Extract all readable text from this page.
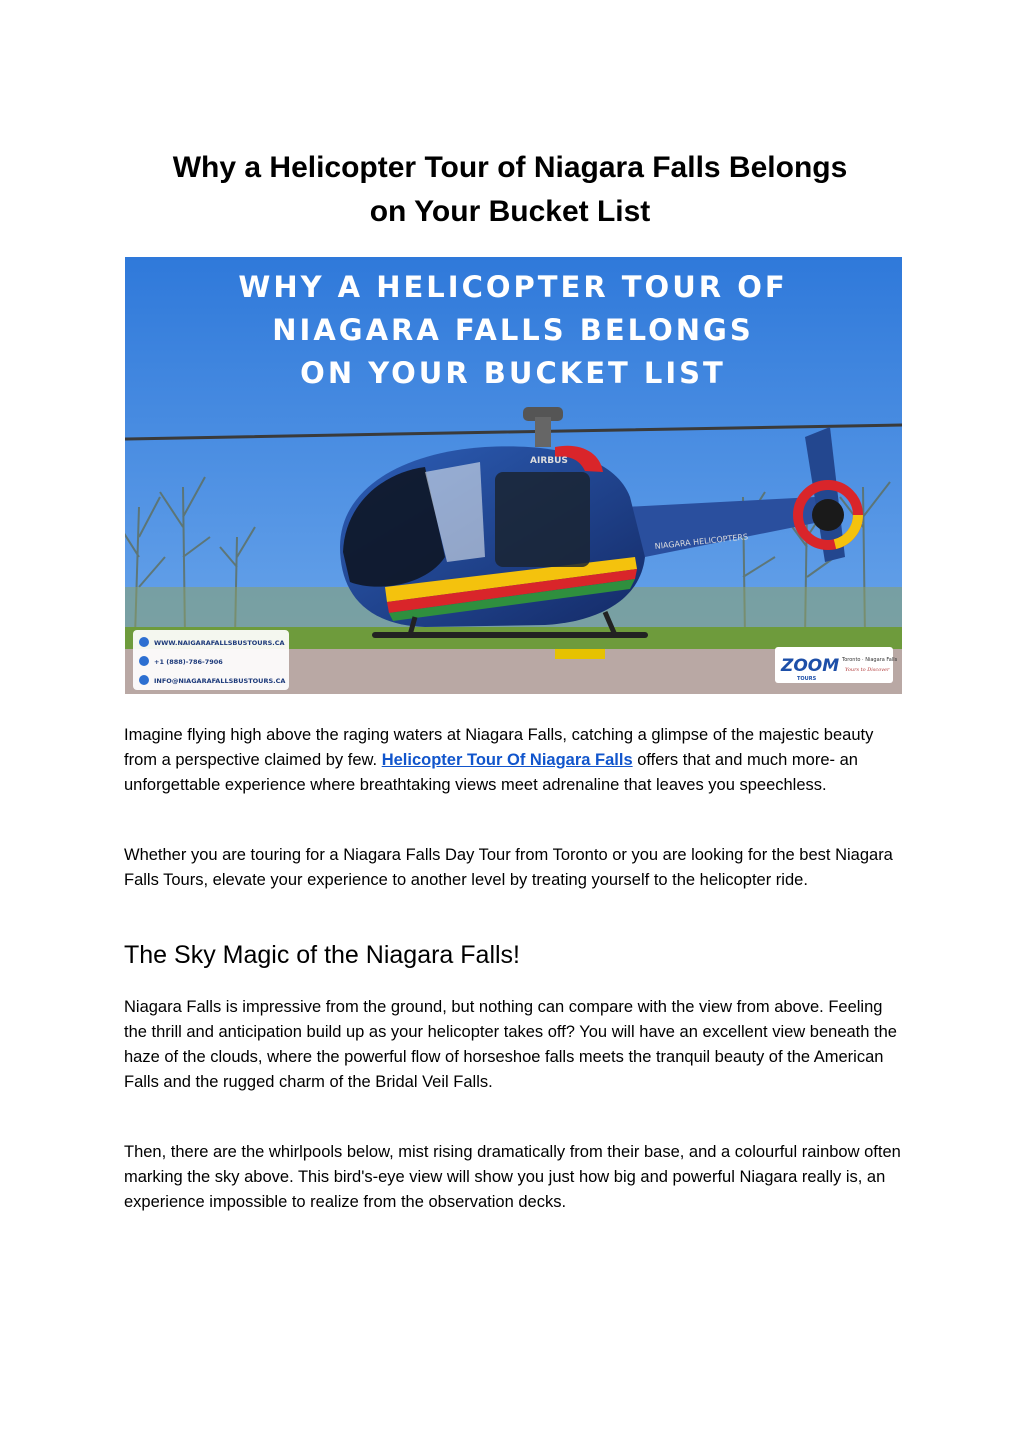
Why a Helicopter Tour of Niagara Falls Belongs
on Your Bucket List
WHY A HELICOPTER TOUR OF
NIAGARA FALLS BELONGS
ON YOUR BUCKET LIST
AIRBUS
NIAGARA HELICOPTERS
WWW.NAIGARAFALLSBUSTOURS.CA
+1 (888)-786-7906
INFO@NIAGARAFALLSBUSTOURS.CA
ZOOM
TOURS
Toronto · Niagara Falls
Yours to Discover

Imagine flying high above the raging waters at Niagara Falls, catching a glimpse of the majestic beauty from a perspective claimed by few. Helicopter Tour Of Niagara Falls offers that and much more- an unforgettable experience where breathtaking views meet adrenaline that leaves you speechless.

Whether you are touring for a Niagara Falls Day Tour from Toronto or you are looking for the best Niagara Falls Tours, elevate your experience to another level by treating yourself to the helicopter ride.

The Sky Magic of the Niagara Falls!

Niagara Falls is impressive from the ground, but nothing can compare with the view from above. Feeling the thrill and anticipation build up as your helicopter takes off? You will have an excellent view beneath the haze of the clouds, where the powerful flow of horseshoe falls meets the tranquil beauty of the American Falls and the rugged charm of the Bridal Veil Falls.

Then, there are the whirlpools below, mist rising dramatically from their base, and a colourful rainbow often marking the sky above. This bird's-eye view will show you just how big and powerful Niagara really is, an experience impossible to realize from the observation decks.
